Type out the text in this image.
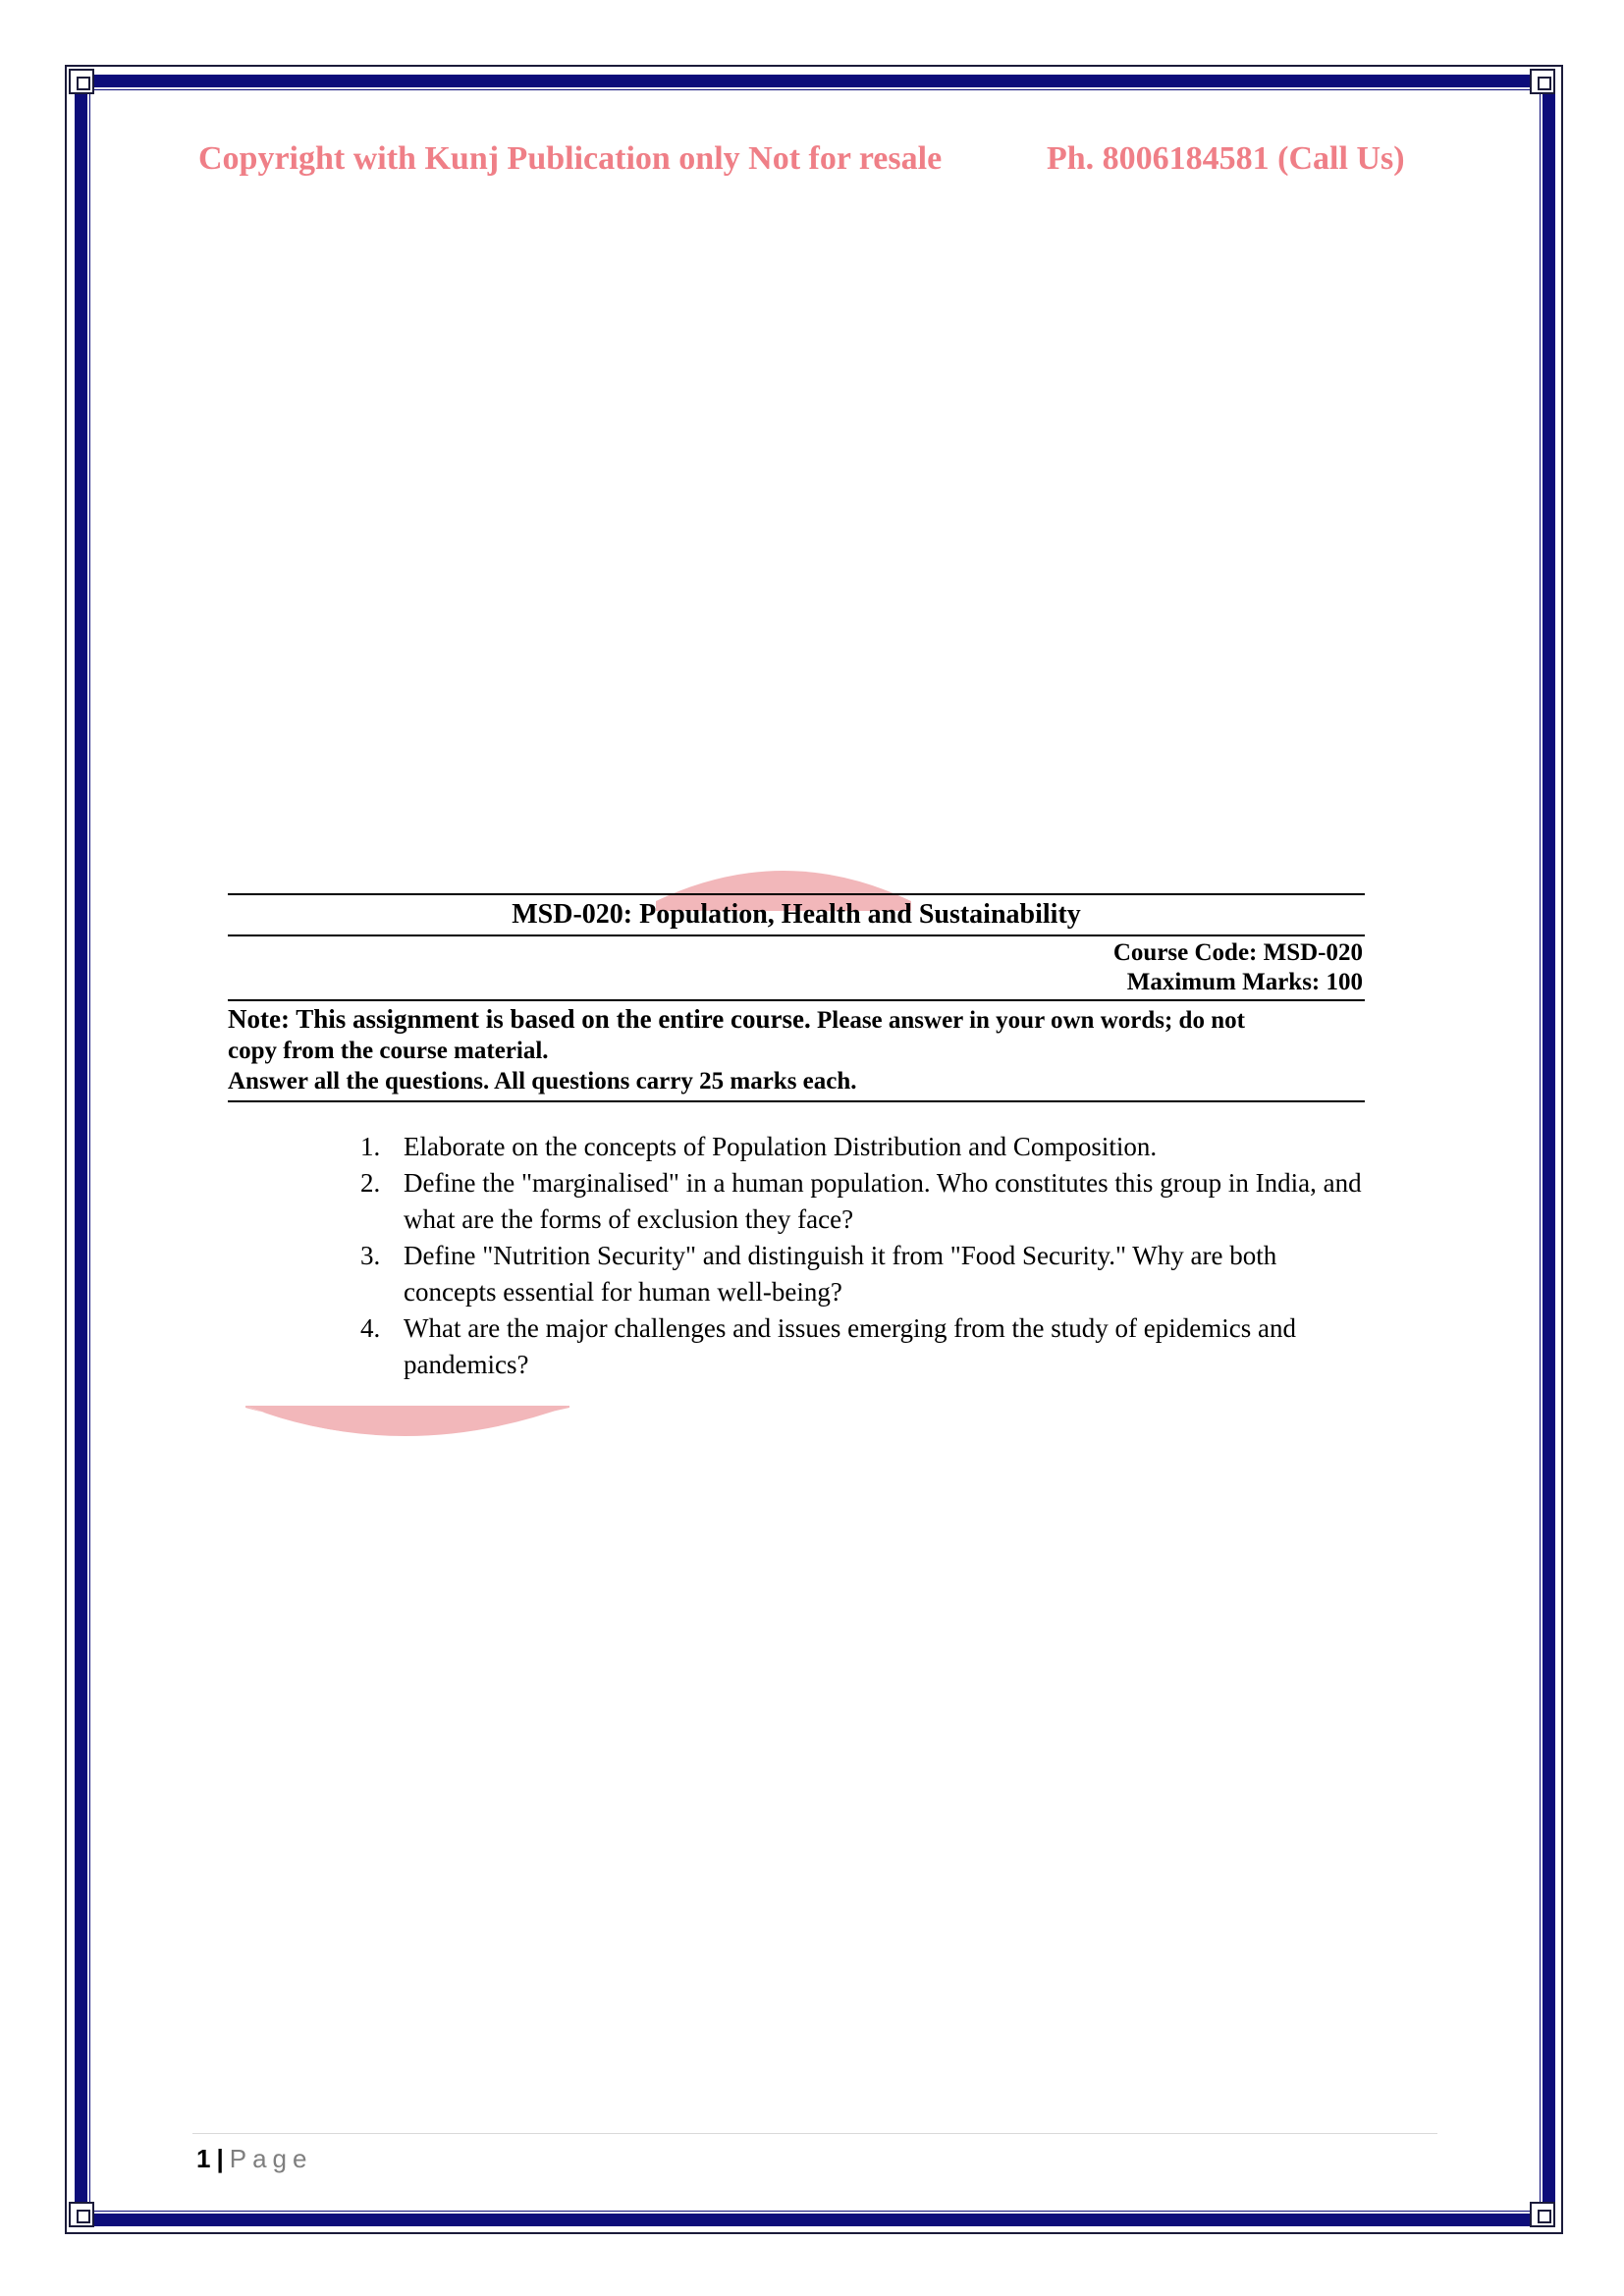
Copyright with Kunj Publication only Not for resale	Ph. 8006184581 (Call Us)
MSD-020: Population, Health and Sustainability
Course Code: MSD-020
Maximum Marks: 100
Note: This assignment is based on the entire course. Please answer in your own words; do not
copy from the course material.
Answer all the questions. All questions carry 25 marks each.
1. Elaborate on the concepts of Population Distribution and Composition.
2. Define the "marginalised" in a human population. Who constitutes this group in India, and what are the forms of exclusion they face?
3. Define "Nutrition Security" and distinguish it from "Food Security." Why are both concepts essential for human well-being?
4. What are the major challenges and issues emerging from the study of epidemics and pandemics?
1 | Page
